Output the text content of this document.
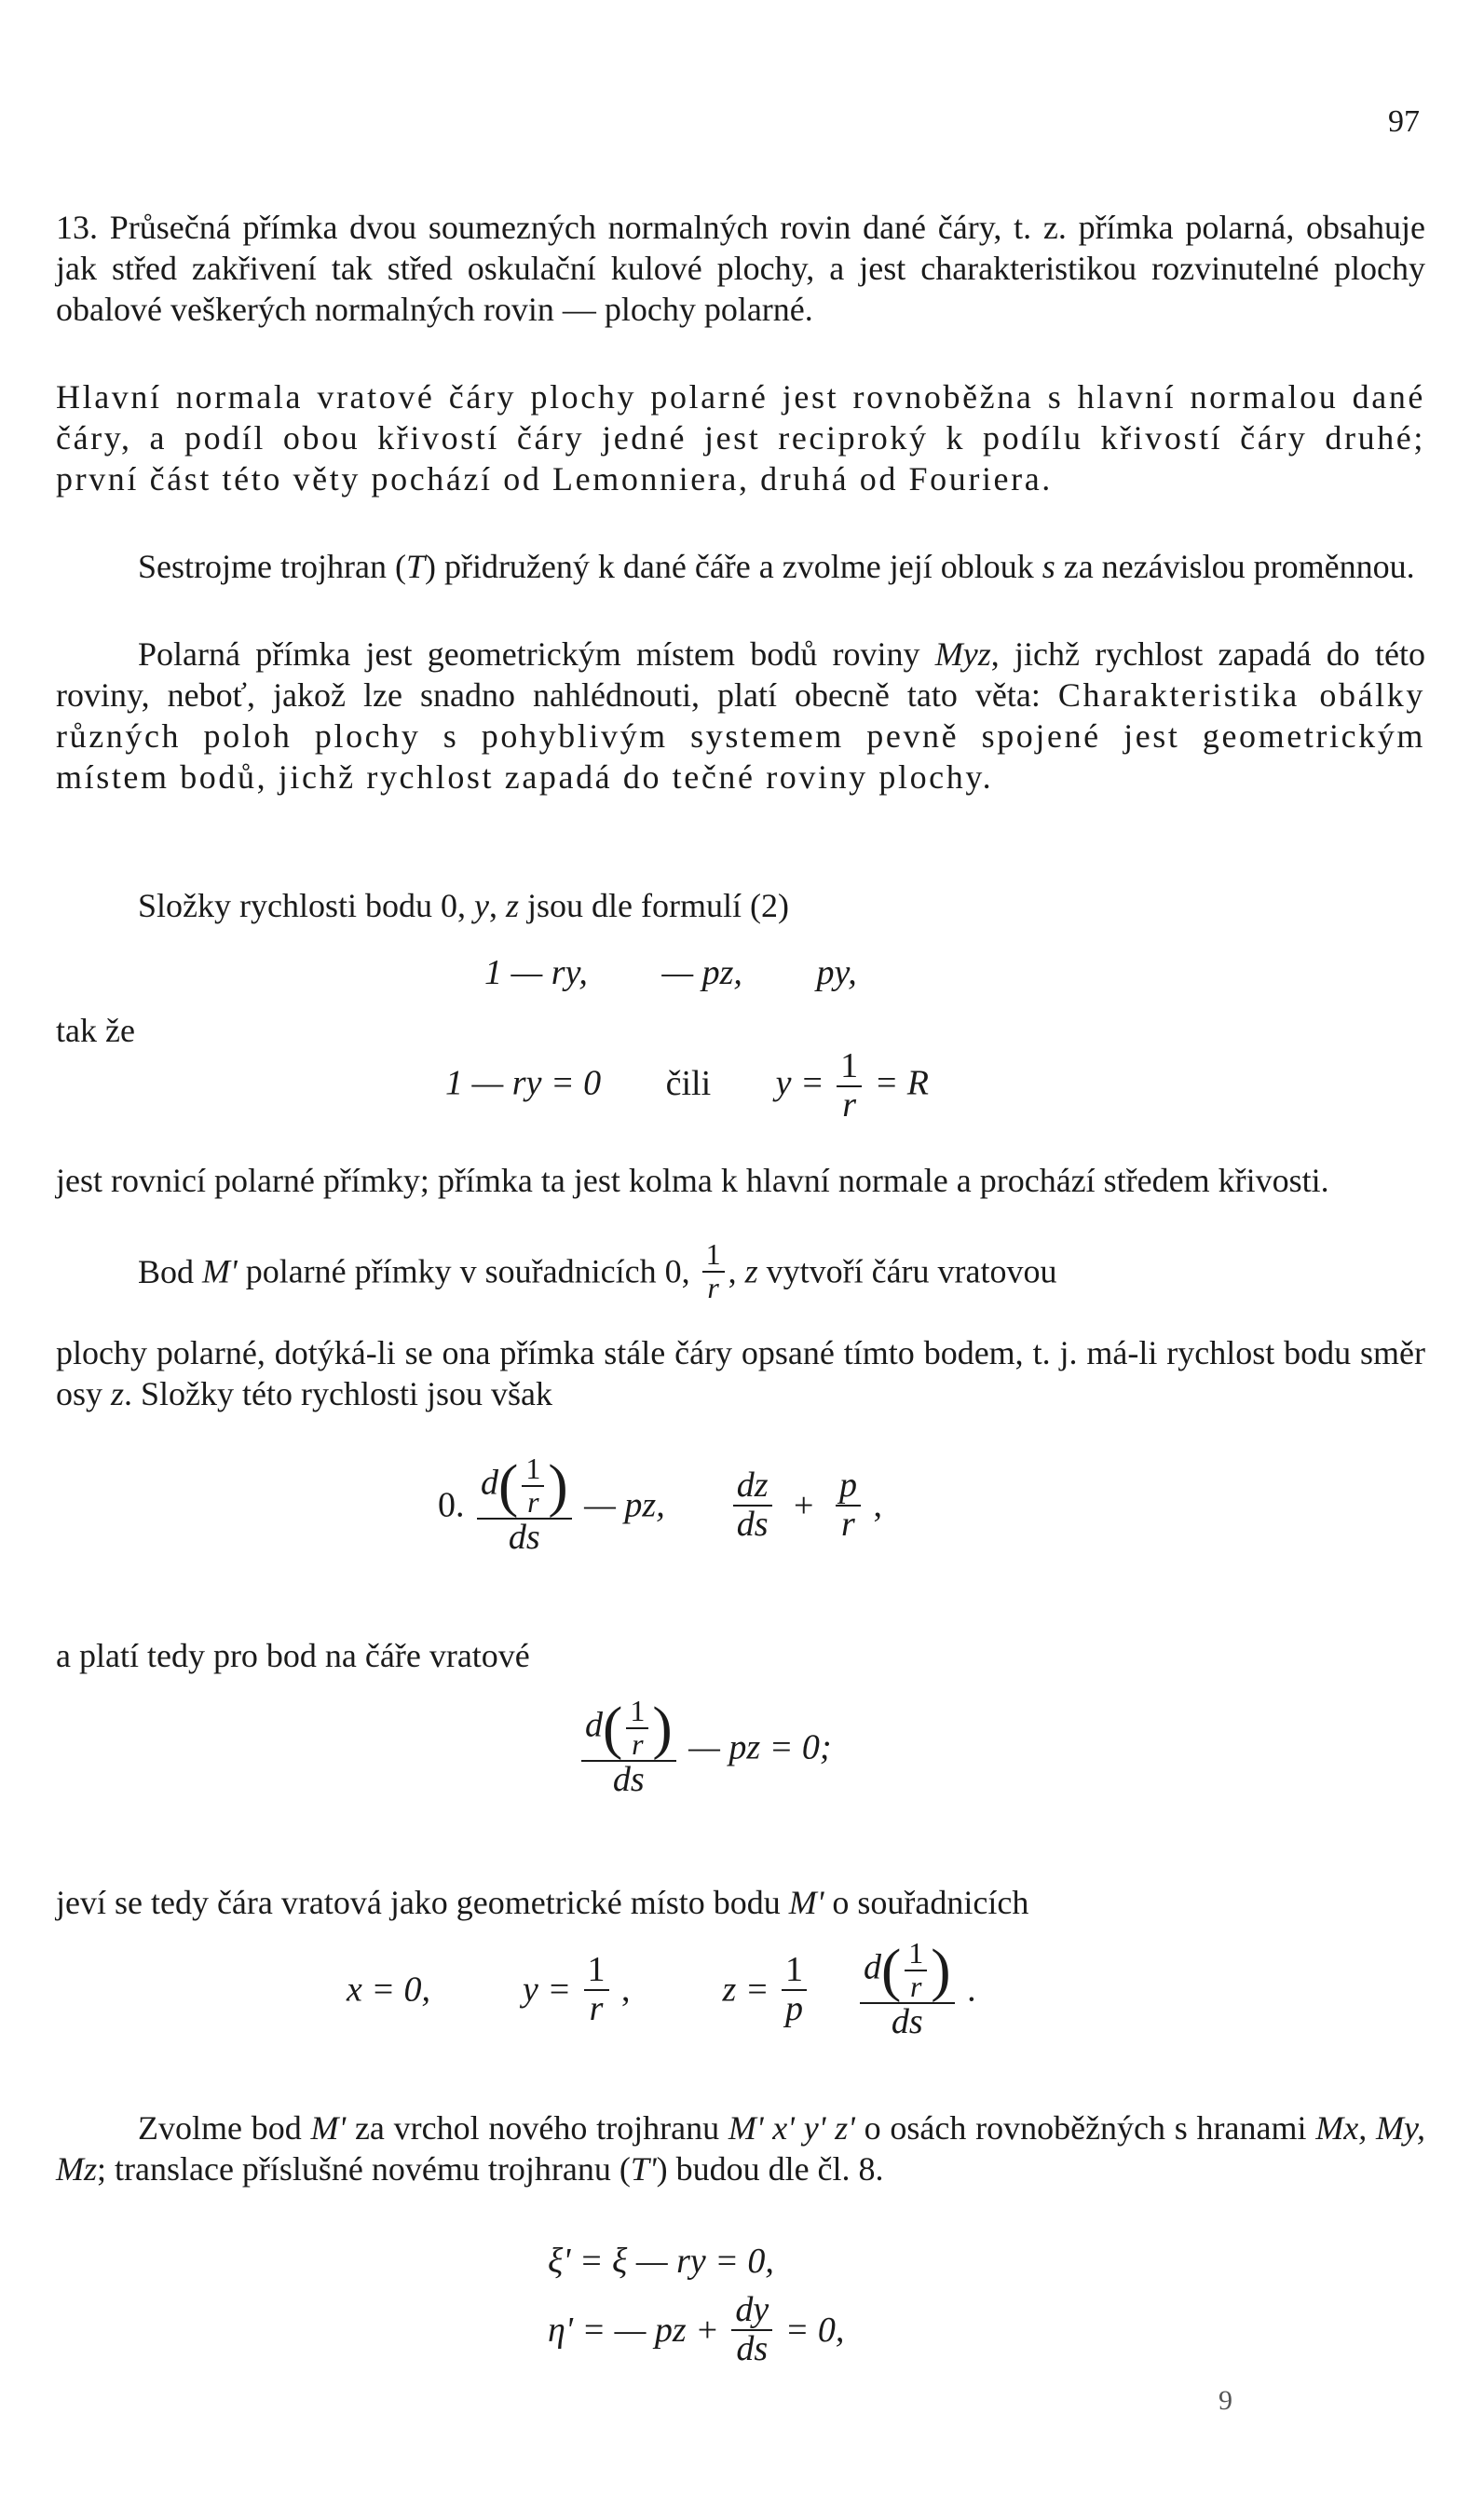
97
13. Průsečná přímka dvou soumezných normalných rovin dané čáry, t. z. přímka polarná, obsahuje jak střed zakřivení tak střed oskulační kulové plochy, a jest charakteristikou rozvinutelné plochy obalové veškerých normalných rovin — plochy polarné.
Hlavní normala vratové čáry plochy polarné jest rovnoběžna s hlavní normalou dané čáry, a podíl obou křivostí čáry jedné jest reciproký k podílu křivostí čáry druhé; první část této věty pochází od Lemonniera, druhá od Fouriera.
Sestrojme trojhran (T) přidružený k dané čáře a zvolme její oblouk s za nezávislou proměnnou.
Polarná přímka jest geometrickým místem bodů roviny Myz, jichž rychlost zapadá do této roviny, neboť, jakož lze snadno nahlédnouti, platí obecně tato věta: Charakteristika obálky různých poloh plochy s pohyblivým systemem pevně spojené jest geometrickým místem bodů, jichž rychlost zapadá do tečné roviny plochy.
Složky rychlosti bodu 0, y, z jsou dle formulí (2)
1 — ry, — pz, py,
tak že
1 — ry = 0 čili $y = \frac{1}{r} = R$
jest rovnicí polarné přímky; přímka ta jest kolma k hlavní normale a prochází středem křivosti.
Bod M' polarné přímky v souřadnicích 0, $\frac{1}{r}$ , z vytvoří čáru vratovou
plochy polarné, dotýká-li se ona přímka stále čáry opsané tímto bodem, t. j. má-li rychlost bodu směr osy z. Složky této rychlosti jsou však
0. $\frac{d( \frac{1}{r} )}{ds}$ — pz, $\frac{dz}{ds} + \frac{p}{r}$ ,
a platí tedy pro bod na čáře vratové
$\frac{d( \frac{1}{r} )}{ds}$ — pz = 0;
jeví se tedy čára vratová jako geometrické místo bodu M' o souřadnicích
x = 0,	$y = \frac{1}{r}$ ,	$z = \frac{1}{p}$
$\frac{d( \frac{1}{r} )}{ds}$ .
Zvolme bod M' za vrchol nového trojhranu M' x' y' z' o osách rovnoběžných s hranami Mx, My, Mz; translace příslušné novému trojhranu (T') budou dle čl. 8.
ξ' = ξ — ry = 0,
η' = — pz + $\frac{dy}{ds} = 0$,
9
